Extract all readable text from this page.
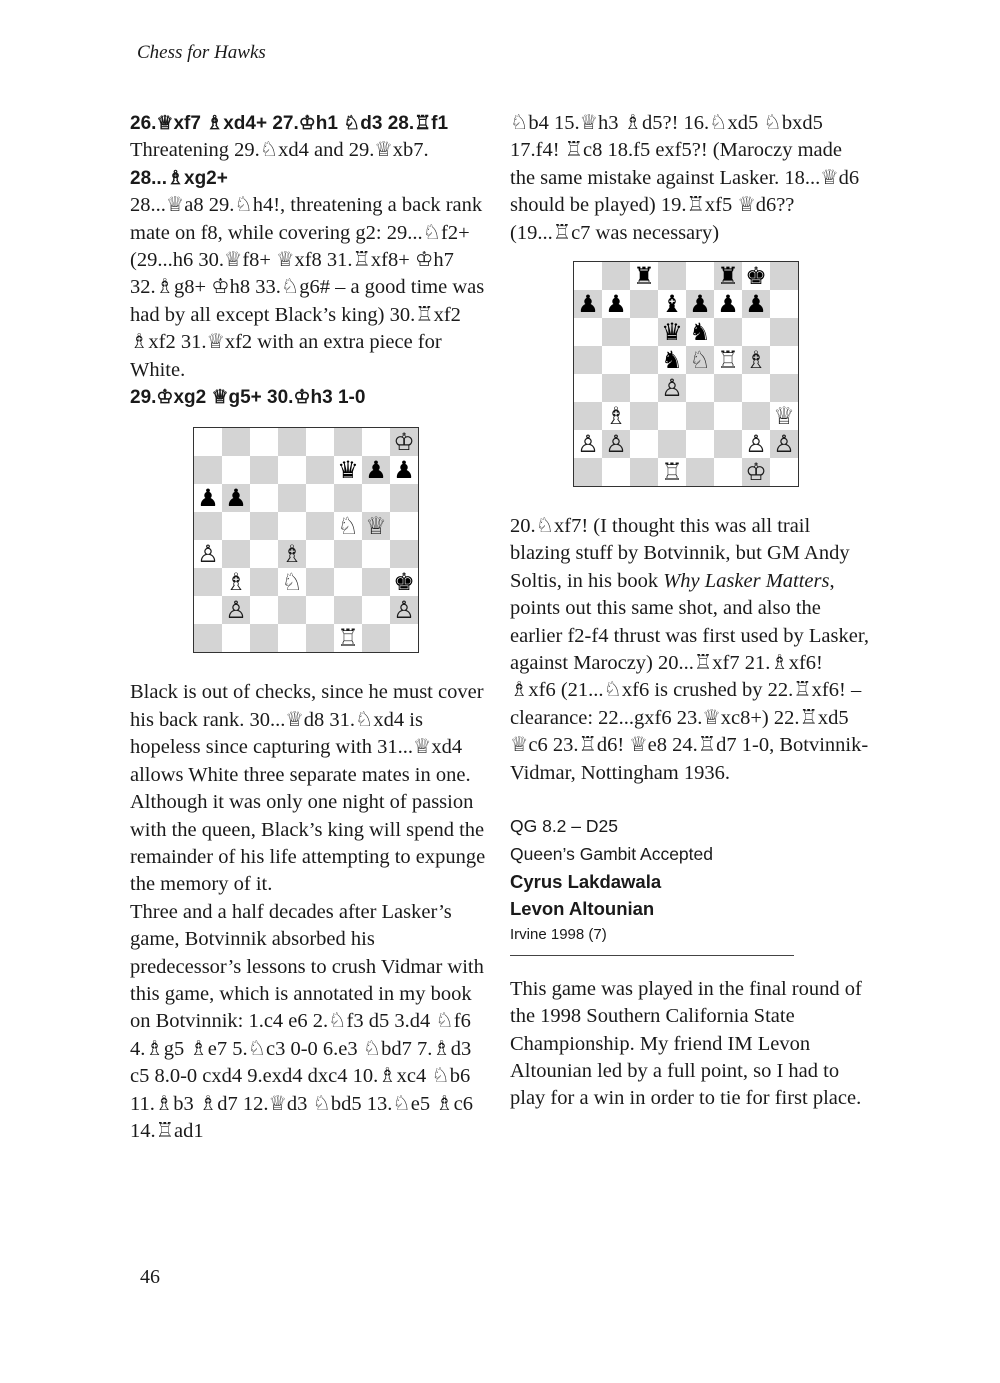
Chess for Hawks

26.♕xf7 ♗xd4+ 27.♔h1 ♘d3 28.♖f1

Threatening 29.♘xd4 and 29.♕xb7.

28...♗xg2+

28...♕a8 29.♘h4!, threatening a back rank mate on f8, while covering g2: 29...♘f2+ (29...h6 30.♕f8+ ♕xf8 31.♖xf8+ ♔h7 32.♗g8+ ♔h8 33.♘g6# – a good time was had by all except Black’s king) 30.♖xf2 ♗xf2 31.♕xf2 with an extra piece for White.

29.♔xg2 ♕g5+ 30.♔h3 1-0

♔
♛ ♟ ♟
♟ ♟
♘ ♕
♙	♗
♗ ♘	♚
♙	♙
♖

Black is out of checks, since he must cover his back rank. 30...♕d8 31.♘xd4 is hopeless since capturing with 31...♕xd4 allows White three separate mates in one. Although it was only one night of passion with the queen, Black’s king will spend the remainder of his life attempting to expunge the memory of it.

Three and a half decades after Lasker’s game, Botvinnik absorbed his predecessor’s lessons to crush Vidmar with this game, which is annotated in my book on Botvinnik: 1.c4 e6 2.♘f3 d5 3.d4 ♘f6 4.♗g5 ♗e7 5.♘c3 0-0 6.e3 ♘bd7 7.♗d3 c5 8.0-0 cxd4 9.exd4 dxc4 10.♗xc4 ♘b6 11.♗b3 ♗d7 12.♕d3 ♘bd5 13.♘e5 ♗c6 14.♖ad1

♘b4 15.♕h3 ♗d5?! 16.♘xd5 ♘bxd5 17.f4! ♖c8 18.f5 exf5?! (Maroczy made the same mistake against Lasker. 18...♕d6 should be played) 19.♖xf5 ♕d6?? (19...♖c7 was necessary)

♜	♜ ♚
♟ ♟ ♝ ♟ ♟ ♟
♛ ♞
♞ ♘ ♖ ♗
♙
♗	♕
♙ ♙	♙ ♙
♖	♔

20.♘xf7! (I thought this was all trail blazing stuff by Botvinnik, but GM Andy Soltis, in his book Why Lasker Matters, points out this same shot, and also the earlier f2-f4 thrust was first used by Lasker, against Maroczy) 20...♖xf7 21.♗xf6! ♗xf6 (21...♘xf6 is crushed by 22.♖xf6! – clearance: 22...gxf6 23.♕xc8+) 22.♖xd5 ♕c6 23.♖d6! ♕e8 24.♖d7 1-0, Botvinnik-Vidmar, Nottingham 1936.

QG 8.2 – D25
Queen’s Gambit Accepted
Cyrus Lakdawala
Levon Altounian
Irvine 1998 (7)

This game was played in the final round of the 1998 Southern California State Championship. My friend IM Levon Altounian led by a full point, so I had to play for a win in order to tie for first place.

46
